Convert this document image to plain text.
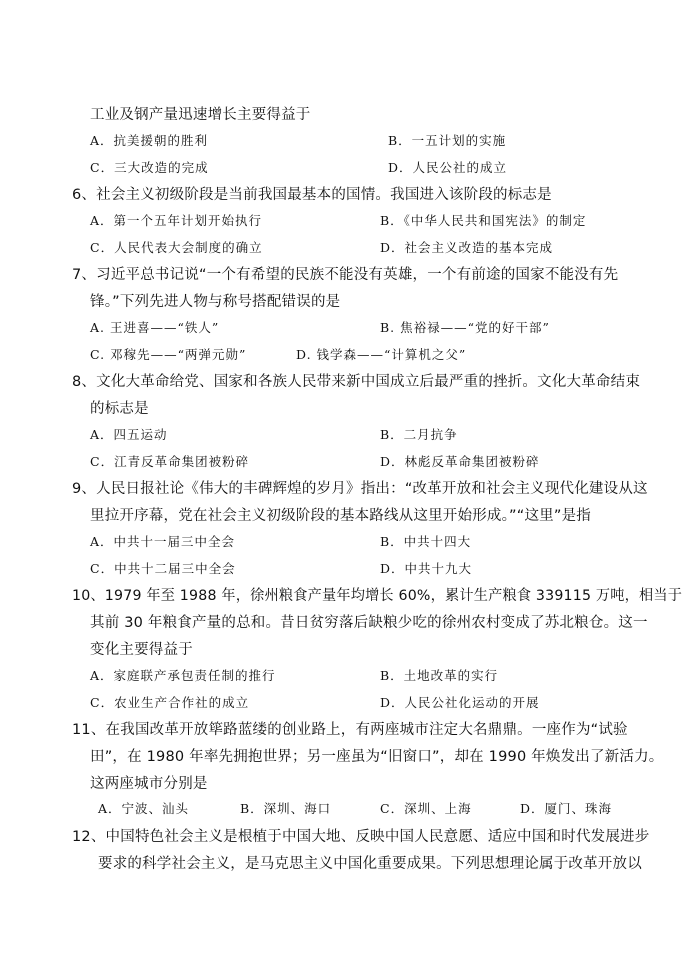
工业及钢产量迅速增长主要得益于
A．抗美援朝的胜利	B．一五计划的实施
C．三大改造的完成	D．人民公社的成立
6、社会主义初级阶段是当前我国最基本的国情。我国进入该阶段的标志是
A．第一个五年计划开始执行	B．《中华人民共和国宪法》的制定
C．人民代表大会制度的确立	D．社会主义改造的基本完成
7、习近平总书记说“一个有希望的民族不能没有英雄，一个有前途的国家不能没有先
锋。”下列先进人物与称号搭配错误的是
A. 王进喜——“铁人”	B. 焦裕禄——“党的好干部”
C. 邓稼先——“两弹元勋”	D. 钱学森——“计算机之父”
8、文化大革命给党、国家和各族人民带来新中国成立后最严重的挫折。文化大革命结束
的标志是
A．四五运动	B．二月抗争
C．江青反革命集团被粉碎	D．林彪反革命集团被粉碎
9、人民日报社论《伟大的丰碑辉煌的岁月》指出：“改革开放和社会主义现代化建设从这
里拉开序幕，党在社会主义初级阶段的基本路线从这里开始形成。”“这里”是指
A．中共十一届三中全会	B．中共十四大
C．中共十二届三中全会	D．中共十九大
10、1979 年至 1988 年，徐州粮食产量年均增长 60%，累计生产粮食 339115 万吨，相当于
其前 30 年粮食产量的总和。昔日贫穷落后缺粮少吃的徐州农村变成了苏北粮仓。这一
变化主要得益于
A．家庭联产承包责任制的推行	B．土地改革的实行
C．农业生产合作社的成立	D．人民公社化运动的开展
11、在我国改革开放筚路蓝缕的创业路上，有两座城市注定大名鼎鼎。一座作为“试验
田”，在 1980 年率先拥抱世界；另一座虽为“旧窗口”，却在 1990 年焕发出了新活力。
这两座城市分别是
A．宁波、汕头	B．深圳、海口	C．深圳、上海	D．厦门、珠海
12、中国特色社会主义是根植于中国大地、反映中国人民意愿、适应中国和时代发展进步
要求的科学社会主义，是马克思主义中国化重要成果。下列思想理论属于改革开放以
